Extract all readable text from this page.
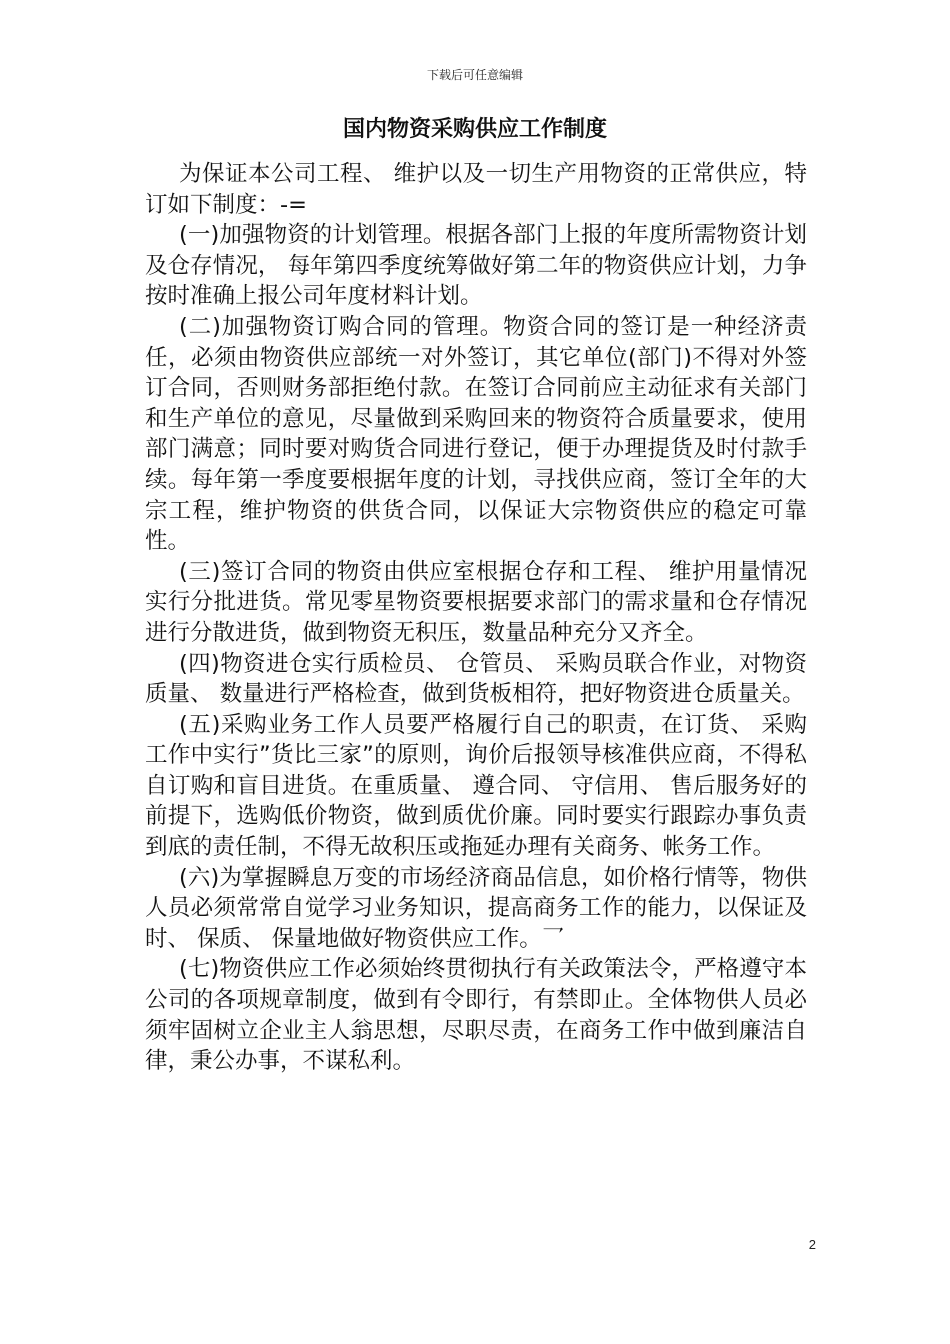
下载后可任意编辑
国内物资采购供应工作制度

为保证本公司工程、 维护以及一切生产用物资的正常供应，特订如下制度：-=

(一)加强物资的计划管理。根据各部门上报的年度所需物资计划及仓存情况， 每年第四季度统筹做好第二年的物资供应计划，力争按时准确上报公司年度材料计划。

(二)加强物资订购合同的管理。物资合同的签订是一种经济责任，必须由物资供应部统一对外签订，其它单位(部门)不得对外签订合同，否则财务部拒绝付款。在签订合同前应主动征求有关部门和生产单位的意见，尽量做到采购回来的物资符合质量要求，使用部门满意；同时要对购货合同进行登记，便于办理提货及时付款手续。每年第一季度要根据年度的计划，寻找供应商，签订全年的大宗工程，维护物资的供货合同，以保证大宗物资供应的稳定可靠性。

(三)签订合同的物资由供应室根据仓存和工程、 维护用量情况实行分批进货。常见零星物资要根据要求部门的需求量和仓存情况进行分散进货，做到物资无积压，数量品种充分又齐全。

(四)物资进仓实行质检员、 仓管员、 采购员联合作业，对物资质量、 数量进行严格检查，做到货板相符，把好物资进仓质量关。

(五)采购业务工作人员要严格履行自己的职责，在订货、 采购工作中实行”货比三家”的原则，询价后报领导核准供应商，不得私自订购和盲目进货。在重质量、 遵合同、 守信用、 售后服务好的前提下，选购低价物资，做到质优价廉。同时要实行跟踪办事负责到底的责任制，不得无故积压或拖延办理有关商务、帐务工作。

(六)为掌握瞬息万变的市场经济商品信息，如价格行情等，物供人员必须常常自觉学习业务知识，提高商务工作的能力，以保证及时、 保质、 保量地做好物资供应工作。乛

(七)物资供应工作必须始终贯彻执行有关政策法令，严格遵守本公司的各项规章制度，做到有令即行，有禁即止。全体物供人员必须牢固树立企业主人翁思想，尽职尽责，在商务工作中做到廉洁自律，秉公办事，不谋私利。

2
